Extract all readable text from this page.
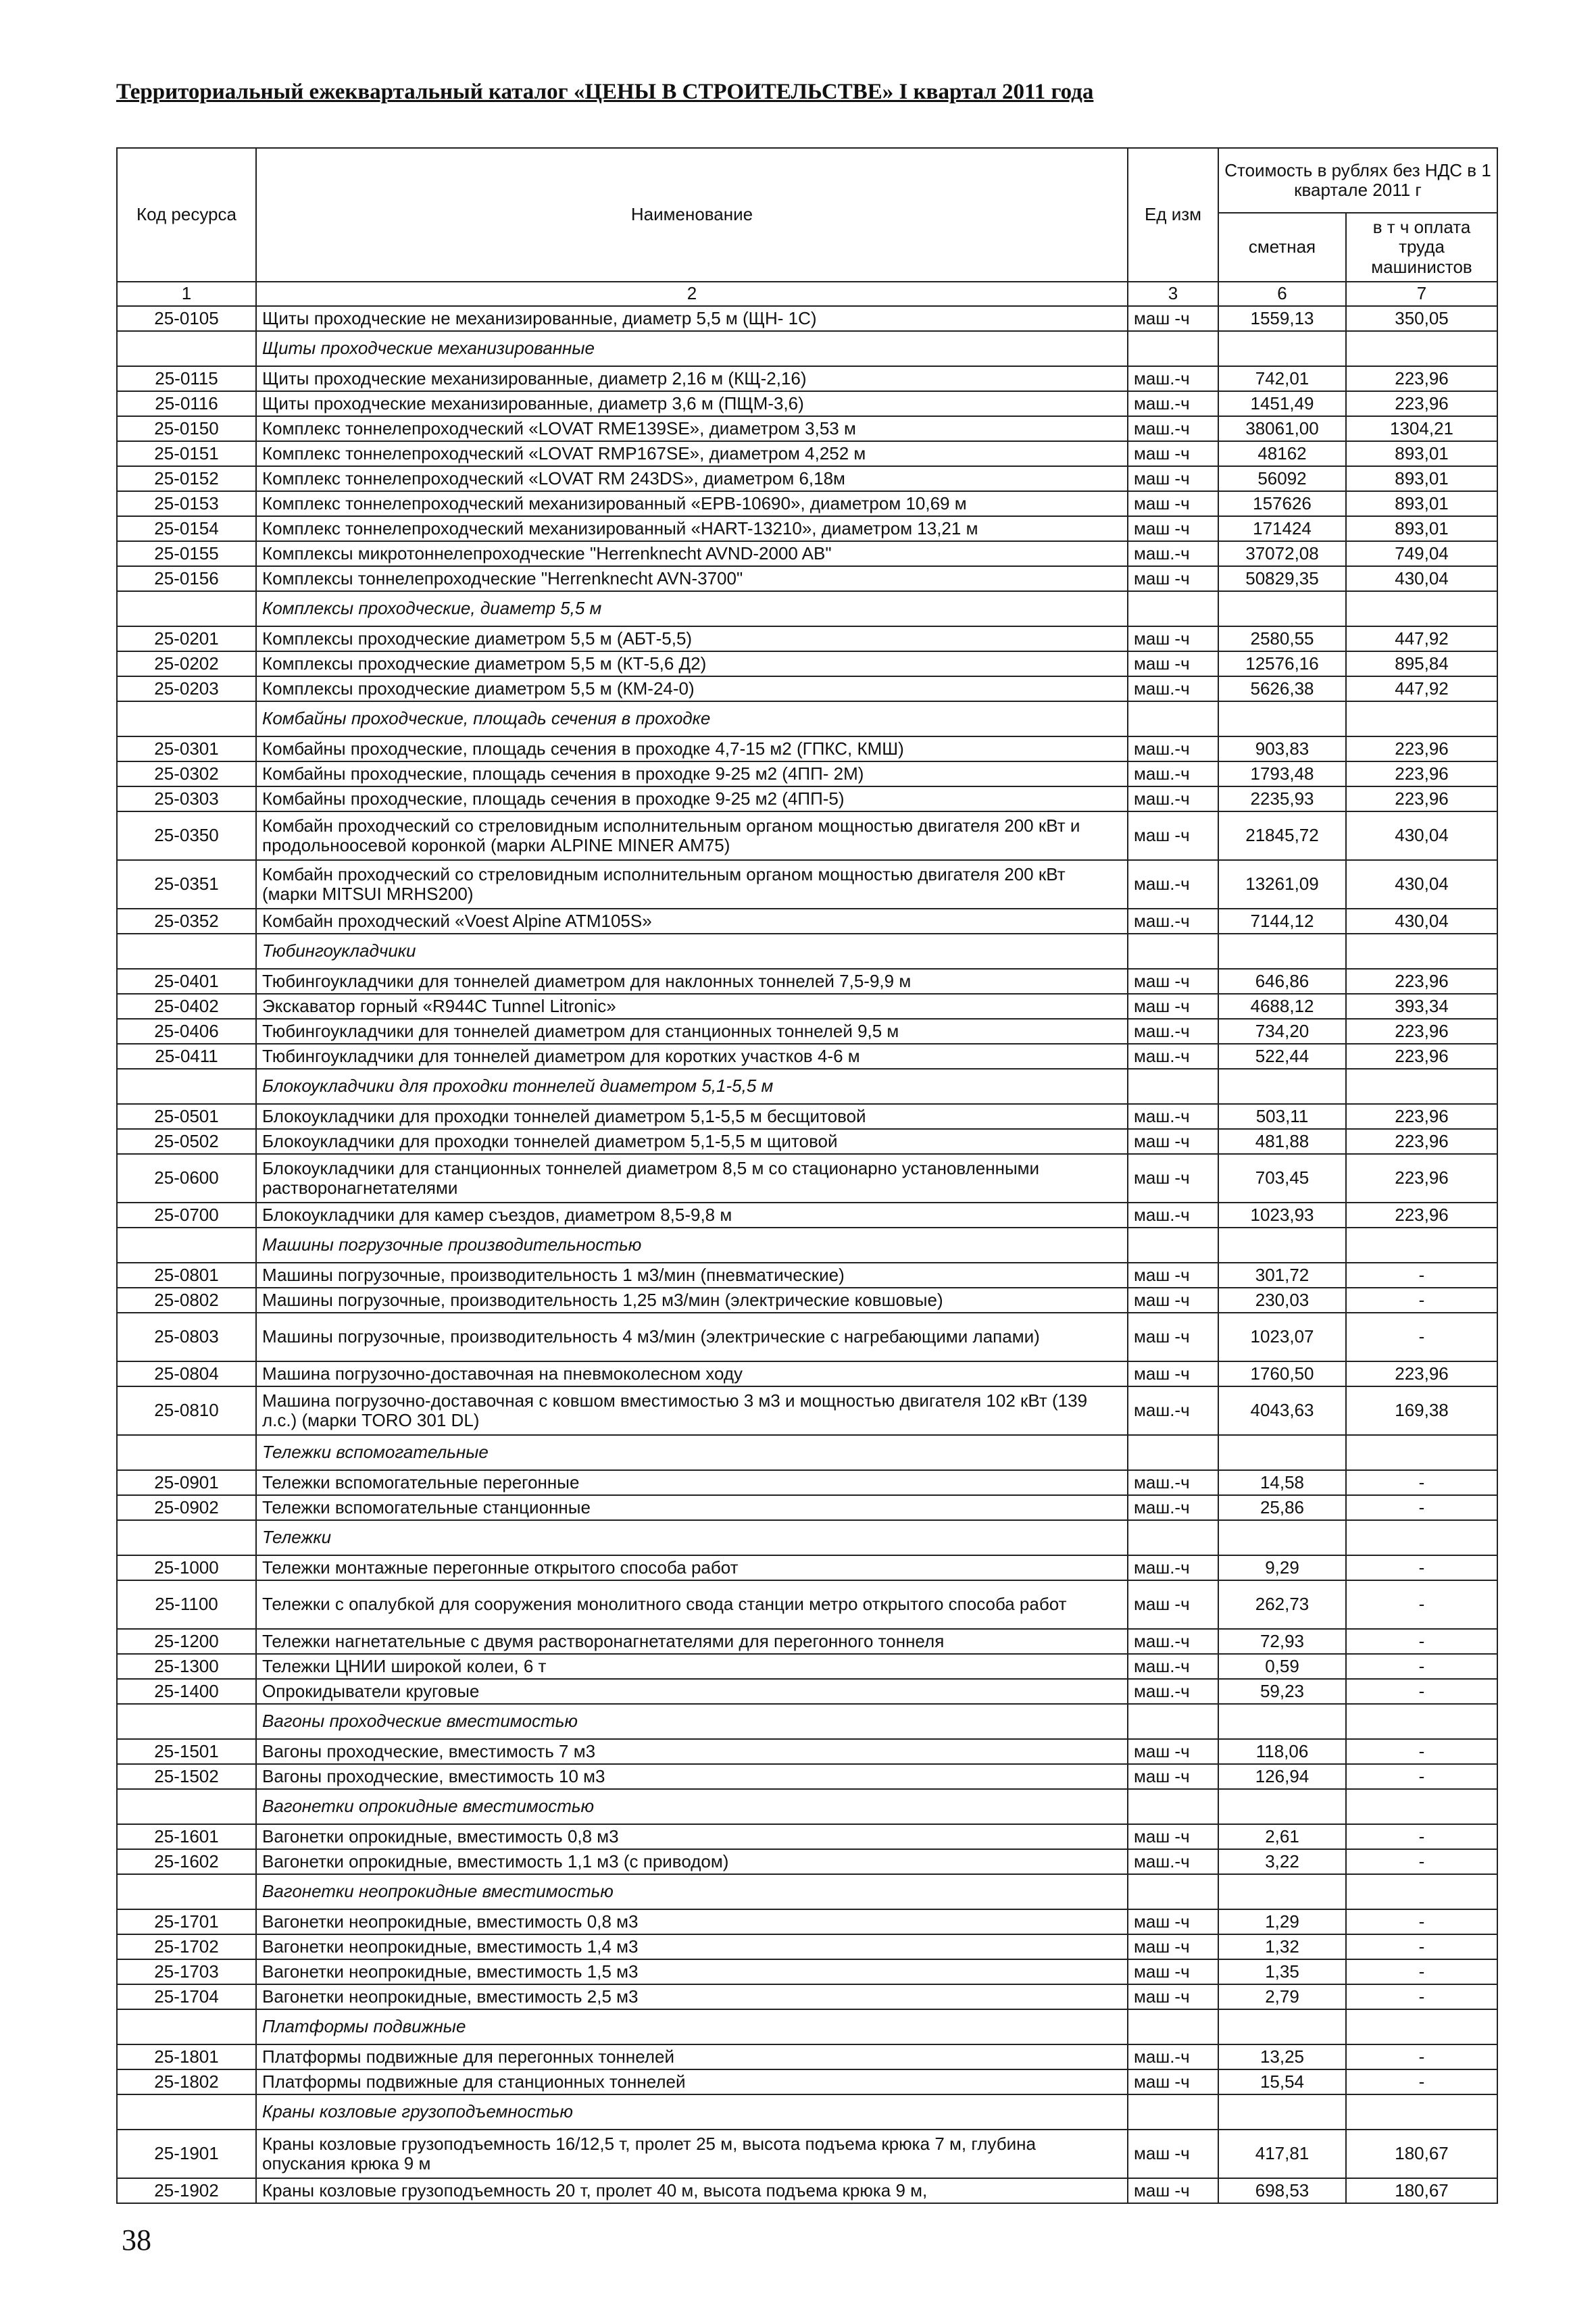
Территориальный ежеквартальный каталог «ЦЕНЫ В СТРОИТЕЛЬСТВЕ» I квартал 2011 года
Код ресурса	Наименование	Ед изм	Стоимость в рублях без НДС в 1 квартале 2011 г	
			сметная	в т ч оплата труда машинистов
1	2	3	6	7
25-0105	Щиты проходческие не механизированные, диаметр 5,5 м (ЩН- 1С)	маш -ч	1559,13	350,05
	Щиты проходческие механизированные			
25-0115	Щиты проходческие механизированные, диаметр 2,16 м (КЩ-2,16)	маш.-ч	742,01	223,96
25-0116	Щиты проходческие механизированные, диаметр 3,6 м (ПЩМ-3,6)	маш.-ч	1451,49	223,96
25-0150	Комплекс тоннелепроходческий «LOVAT RME139SE», диаметром 3,53 м	маш.-ч	38061,00	1304,21
25-0151	Комплекс тоннелепроходческий «LOVAT RMP167SE», диаметром 4,252 м	маш -ч	48162	893,01
25-0152	Комплекс тоннелепроходческий «LOVAT RM 243DS», диаметром 6,18м	маш -ч	56092	893,01
25-0153	Комплекс тоннелепроходческий механизированный «EPB-10690», диаметром 10,69 м	маш -ч	157626	893,01
25-0154	Комплекс тоннелепроходческий механизированный «HART-13210», диаметром 13,21 м	маш -ч	171424	893,01
25-0155	Комплексы микротоннелепроходческие "Herrenknecht AVND-2000 AB"	маш.-ч	37072,08	749,04
25-0156	Комплексы тоннелепроходческие "Herrenknecht AVN-3700"	маш -ч	50829,35	430,04
	Комплексы проходческие, диаметр 5,5 м			
25-0201	Комплексы проходческие диаметром 5,5 м (АБТ-5,5)	маш -ч	2580,55	447,92
25-0202	Комплексы проходческие диаметром 5,5 м (КТ-5,6 Д2)	маш -ч	12576,16	895,84
25-0203	Комплексы проходческие диаметром 5,5 м (КМ-24-0)	маш.-ч	5626,38	447,92
	Комбайны проходческие, площадь сечения в проходке			
25-0301	Комбайны проходческие, площадь сечения в проходке 4,7-15 м2 (ГПКС, КМШ)	маш.-ч	903,83	223,96
25-0302	Комбайны проходческие, площадь сечения в проходке 9-25 м2 (4ПП- 2М)	маш.-ч	1793,48	223,96
25-0303	Комбайны проходческие, площадь сечения в проходке 9-25 м2 (4ПП-5)	маш.-ч	2235,93	223,96
25-0350	Комбайн проходческий со стреловидным исполнительным органом мощностью двигателя 200 кВт и продольноосевой коронкой (марки ALPINE MINER AM75)	маш -ч	21845,72	430,04
25-0351	Комбайн проходческий со стреловидным исполнительным органом мощностью двигателя 200 кВт (марки MITSUI MRHS200)	маш.-ч	13261,09	430,04
25-0352	Комбайн проходческий «Voest Alpine ATM105S»	маш.-ч	7144,12	430,04
	Тюбингоукладчики			
25-0401	Тюбингоукладчики для тоннелей диаметром для наклонных тоннелей 7,5-9,9 м	маш -ч	646,86	223,96
25-0402	Экскаватор горный «R944C Tunnel Litronic»	маш -ч	4688,12	393,34
25-0406	Тюбингоукладчики для тоннелей диаметром для станционных тоннелей 9,5 м	маш.-ч	734,20	223,96
25-0411	Тюбингоукладчики для тоннелей диаметром для коротких участков 4-6 м	маш.-ч	522,44	223,96
	Блокоукладчики для проходки тоннелей диаметром 5,1-5,5 м			
25-0501	Блокоукладчики для проходки тоннелей диаметром 5,1-5,5 м бесщитовой	маш.-ч	503,11	223,96
25-0502	Блокоукладчики для проходки тоннелей диаметром 5,1-5,5 м щитовой	маш -ч	481,88	223,96
25-0600	Блокоукладчики для станционных тоннелей диаметром 8,5 м со стационарно установленными растворонагнетателями	маш -ч	703,45	223,96
25-0700	Блокоукладчики для камер съездов, диаметром 8,5-9,8 м	маш.-ч	1023,93	223,96
	Машины погрузочные производительностью			
25-0801	Машины погрузочные, производительность 1 м3/мин (пневматические)	маш -ч	301,72	-
25-0802	Машины погрузочные, производительность 1,25 м3/мин (электрические ковшовые)	маш -ч	230,03	-
25-0803	Машины погрузочные, производительность 4 м3/мин (электрические с нагребающими лапами)	маш -ч	1023,07	-
25-0804	Машина погрузочно-доставочная на пневмоколесном ходу	маш -ч	1760,50	223,96
25-0810	Машина погрузочно-доставочная с ковшом вместимостью 3 м3 и мощностью двигателя 102 кВт (139 л.с.) (марки TORO 301 DL)	маш.-ч	4043,63	169,38
	Тележки вспомогательные			
25-0901	Тележки вспомогательные перегонные	маш.-ч	14,58	-
25-0902	Тележки вспомогательные станционные	маш.-ч	25,86	-
	Тележки			
25-1000	Тележки монтажные перегонные открытого способа работ	маш.-ч	9,29	-
25-1100	Тележки с опалубкой для сооружения монолитного свода станции метро открытого способа работ	маш -ч	262,73	-
25-1200	Тележки нагнетательные с двумя растворонагнетателями для перегонного тоннеля	маш.-ч	72,93	-
25-1300	Тележки ЦНИИ широкой колеи, 6 т	маш.-ч	0,59	-
25-1400	Опрокидыватели круговые	маш.-ч	59,23	-
	Вагоны проходческие вместимостью			
25-1501	Вагоны проходческие, вместимость 7 м3	маш -ч	118,06	-
25-1502	Вагоны проходческие, вместимость 10 м3	маш -ч	126,94	-
	Вагонетки опрокидные вместимостью			
25-1601	Вагонетки опрокидные, вместимость 0,8 м3	маш -ч	2,61	-
25-1602	Вагонетки опрокидные, вместимость 1,1 м3 (с приводом)	маш.-ч	3,22	-
	Вагонетки неопрокидные вместимостью			
25-1701	Вагонетки неопрокидные, вместимость 0,8 м3	маш -ч	1,29	-
25-1702	Вагонетки неопрокидные, вместимость 1,4 м3	маш -ч	1,32	-
25-1703	Вагонетки неопрокидные, вместимость 1,5 м3	маш -ч	1,35	-
25-1704	Вагонетки неопрокидные, вместимость 2,5 м3	маш -ч	2,79	-
	Платформы подвижные			
25-1801	Платформы подвижные для перегонных тоннелей	маш.-ч	13,25	-
25-1802	Платформы подвижные для станционных тоннелей	маш -ч	15,54	-
	Краны козловые грузоподъемностью			
25-1901	Краны козловые грузоподъемность 16/12,5 т, пролет 25 м, высота подъема крюка 7 м, глубина опускания крюка 9 м	маш -ч	417,81	180,67
25-1902	Краны козловые грузоподъемность 20 т, пролет 40 м, высота подъема крюка 9 м,	маш -ч	698,53	180,67
38
